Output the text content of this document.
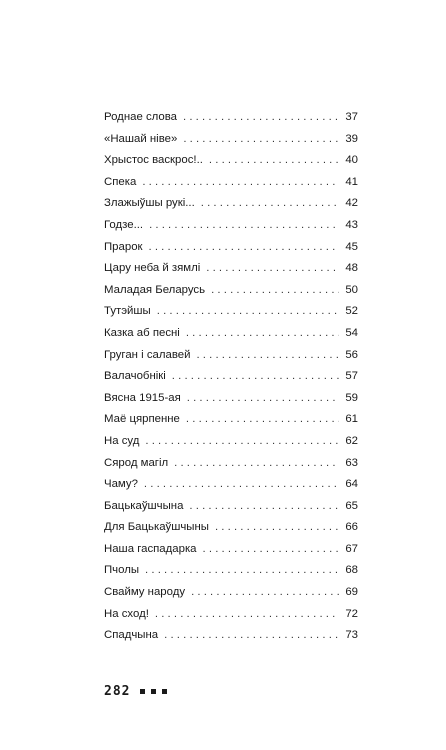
Роднае слова . . .	37
«Нашай ніве» . . .	39
Хрыстос васкрос!.. . . .	40
Спека . . .	41
Злажыўшы рукі... . . .	42
Годзе... . . .	43
Прарок . . .	45
Цару неба й зямлі . . .	48
Маладая Беларусь . . .	50
Тутэйшы . . .	52
Казка аб песні . . .	54
Груган і салавей . . .	56
Валачобнікі . . .	57
Вясна 1915-ая . . .	59
Маё цярпенне . . .	61
На суд . . .	62
Сярод магіл . . .	63
Чаму? . . .	64
Бацькаўшчына . . .	65
Для Бацькаўшчыны . . .	66
Наша гаспадарка . . .	67
Пчолы . . .	68
Свайму народу . . .	69
На сход! . . .	72
Спадчына . . .	73
282
